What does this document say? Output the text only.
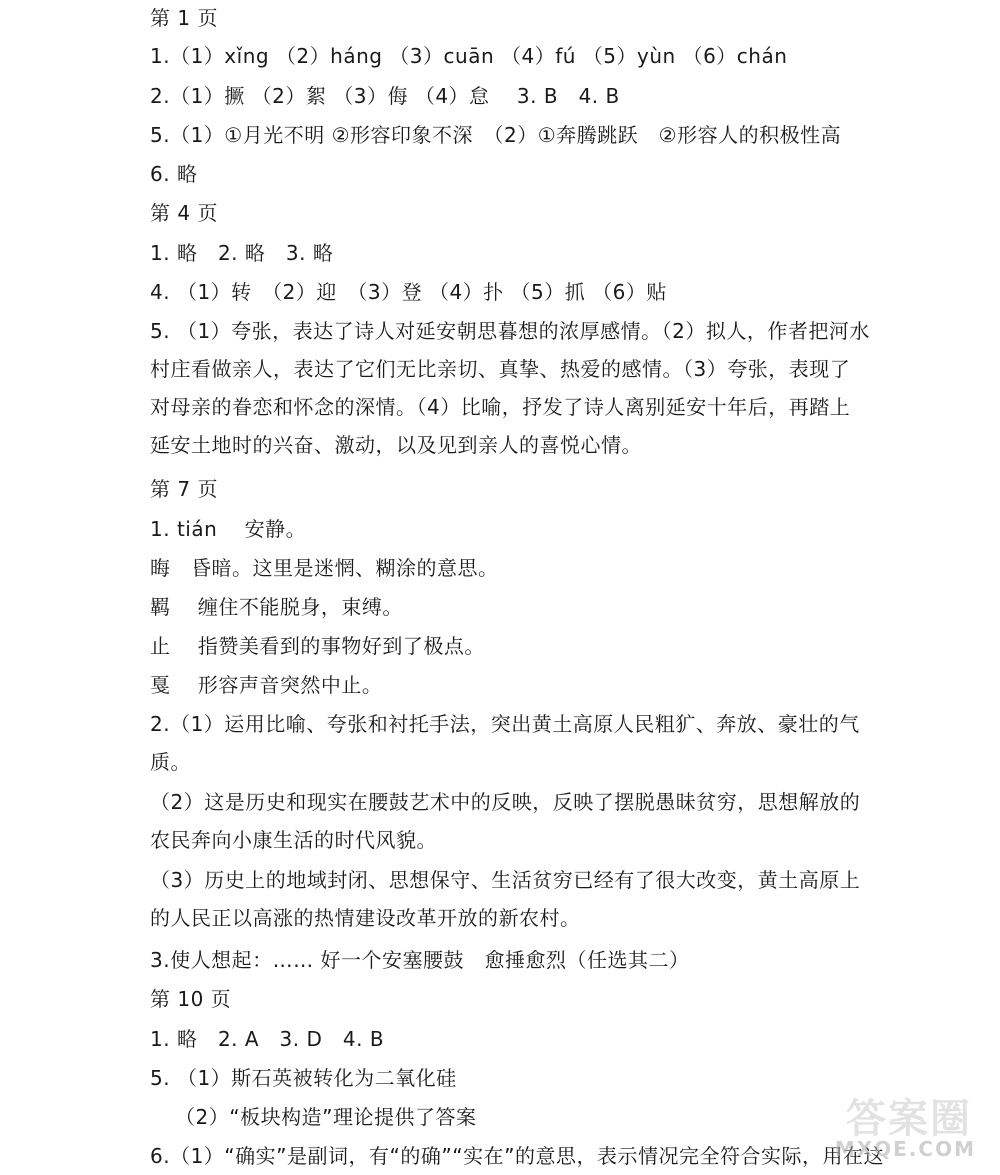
第 1 页
1.（1）xǐng （2）háng （3）cuān （4）fú （5）yùn （6）chán
2.（1）撅 （2）絮 （3）侮 （4）怠　 3. B　4. B
5.（1）①月光不明 ②形容印象不深　（2）①奔腾跳跃　②形容人的积极性高
6. 略
第 4 页
1. 略　2. 略　3. 略
4. （1）转　（2）迎　（3）登 （4）扑 （5）抓 （6）贴
5. （1）夸张，表达了诗人对延安朝思暮想的浓厚感情。（2）拟人，作者把河水村庄看做亲人，表达了它们无比亲切、真挚、热爱的感情。（3）夸张，表现了对母亲的眷恋和怀念的深情。（4）比喻，抒发了诗人离别延安十年后，再踏上延安土地时的兴奋、激动，以及见到亲人的喜悦心情。
第 7 页
1. tián　 安静。
晦　昏暗。这里是迷惘、糊涂的意思。
羁　 缠住不能脱身，束缚。
止　 指赞美看到的事物好到了极点。
戛　 形容声音突然中止。
2.（1）运用比喻、夸张和衬托手法，突出黄土高原人民粗犷、奔放、豪壮的气质。
（2）这是历史和现实在腰鼓艺术中的反映，反映了摆脱愚昧贫穷，思想解放的农民奔向小康生活的时代风貌。
（3）历史上的地域封闭、思想保守、生活贫穷已经有了很大改变，黄土高原上的人民正以高涨的热情建设改革开放的新农村。
3.使人想起：…… 好一个安塞腰鼓　愈捶愈烈（任选其二）
第 10 页
1. 略　2. A　3. D　4. B
5. （1）斯石英被转化为二氧化硅
（2）“板块构造”理论提供了答案
6.（1）“确实”是副词，有“的确”“实在”的意思，表示情况完全符合实际，用在这
答案圈
MXQE.COM
